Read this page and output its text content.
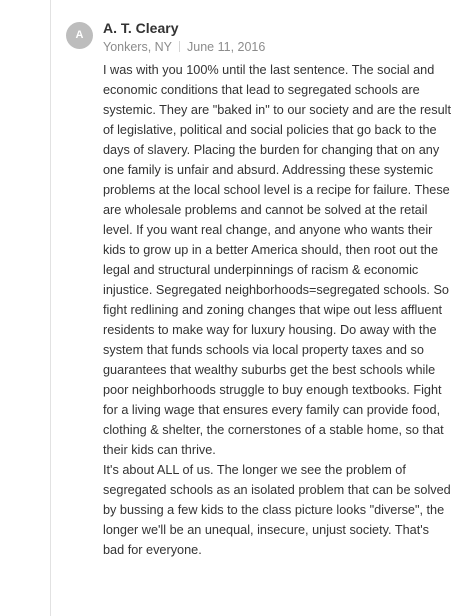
A	A. T. Cleary
Yonkers, NY June 11, 2016

I was with you 100% until the last sentence. The social and economic conditions that lead to segregated schools are systemic. They are "baked in" to our society and are the result of legislative, political and social policies that go back to the days of slavery. Placing the burden for changing that on any one family is unfair and absurd. Addressing these systemic problems at the local school level is a recipe for failure. These are wholesale problems and cannot be solved at the retail level. If you want real change, and anyone who wants their kids to grow up in a better America should, then root out the legal and structural underpinnings of racism & economic injustice. Segregated neighborhoods=segregated schools. So fight redlining and zoning changes that wipe out less affluent residents to make way for luxury housing. Do away with the system that funds schools via local property taxes and so guarantees that wealthy suburbs get the best schools while poor neighborhoods struggle to buy enough textbooks. Fight for a living wage that ensures every family can provide food, clothing & shelter, the cornerstones of a stable home, so that their kids can thrive.

It's about ALL of us. The longer we see the problem of segregated schools as an isolated problem that can be solved by bussing a few kids to the class picture looks "diverse", the longer we'll be an unequal, insecure, unjust society. That's bad for everyone.
